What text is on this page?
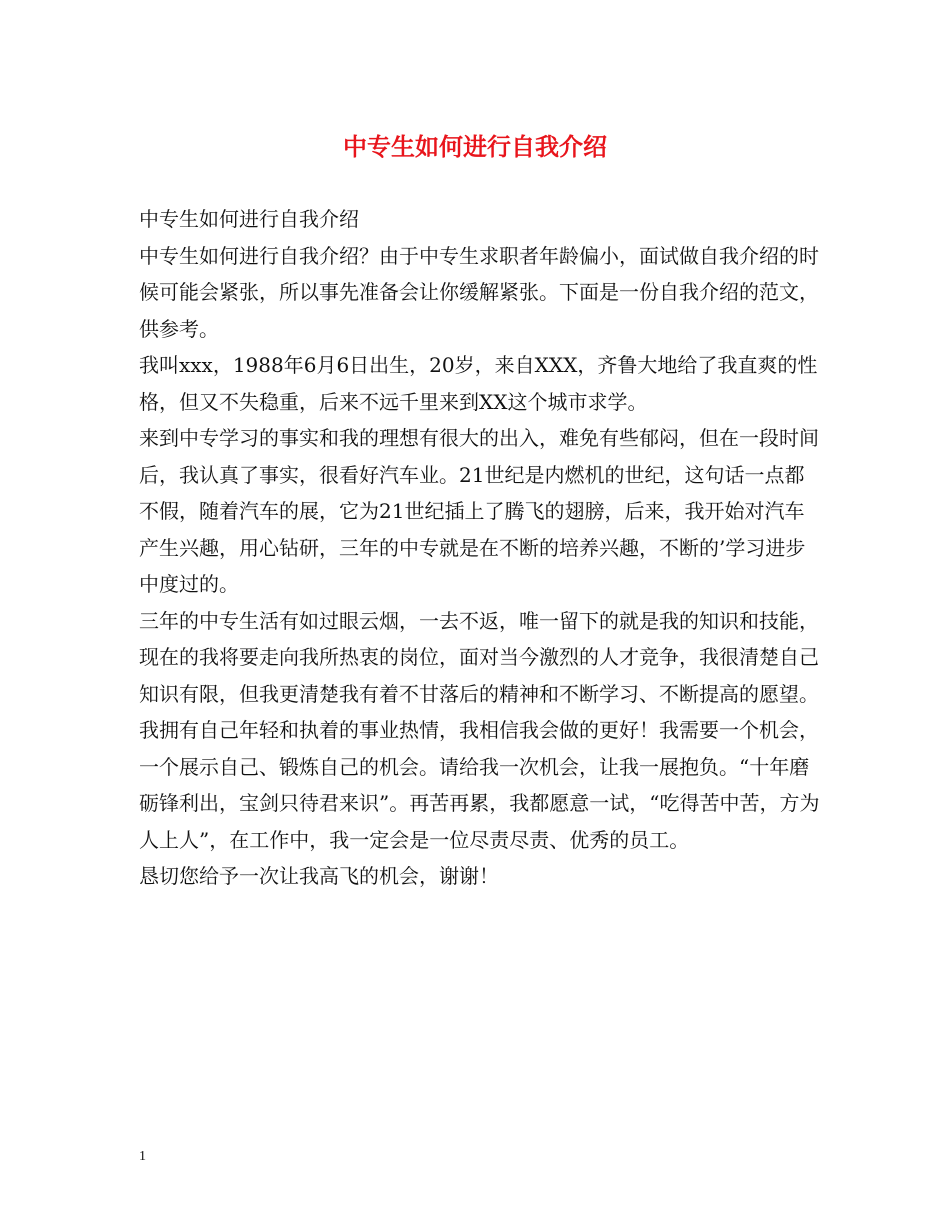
中专生如何进行自我介绍

中专生如何进行自我介绍

中专生如何进行自我介绍？由于中专生求职者年龄偏小，面试做自我介绍的时候可能会紧张，所以事先准备会让你缓解紧张。下面是一份自我介绍的范文，供参考。

我叫xxx，1988年6月6日出生，20岁，来自XXX，齐鲁大地给了我直爽的性格，但又不失稳重，后来不远千里来到XX这个城市求学。

来到中专学习的事实和我的理想有很大的出入，难免有些郁闷，但在一段时间后，我认真了事实，很看好汽车业。21世纪是内燃机的世纪，这句话一点都不假，随着汽车的展，它为21世纪插上了腾飞的翅膀，后来，我开始对汽车产生兴趣，用心钻研，三年的中专就是在不断的培养兴趣，不断的’学习进步中度过的。

三年的中专生活有如过眼云烟，一去不返，唯一留下的就是我的知识和技能，现在的我将要走向我所热衷的岗位，面对当今激烈的人才竞争，我很清楚自己知识有限，但我更清楚我有着不甘落后的精神和不断学习、不断提高的愿望。我拥有自己年轻和执着的事业热情，我相信我会做的更好！我需要一个机会，一个展示自己、锻炼自己的机会。请给我一次机会，让我一展抱负。“十年磨砺锋利出，宝剑只待君来识”。再苦再累，我都愿意一试，“吃得苦中苦，方为人上人”，在工作中，我一定会是一位尽责尽责、优秀的员工。

恳切您给予一次让我高飞的机会，谢谢！

1
